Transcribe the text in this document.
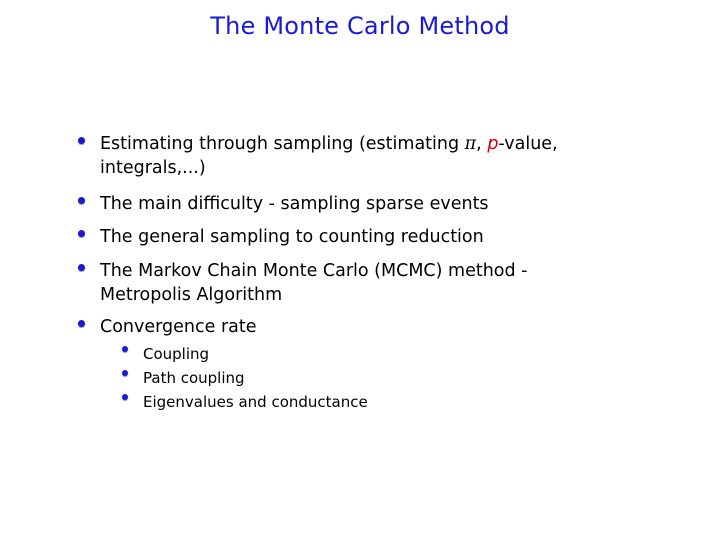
The Monte Carlo Method
Estimating through sampling (estimating π, p-value,
integrals,...)
The main difficulty - sampling sparse events
The general sampling to counting reduction
The Markov Chain Monte Carlo (MCMC) method -
Metropolis Algorithm
Convergence rate
Coupling
Path coupling
Eigenvalues and conductance
